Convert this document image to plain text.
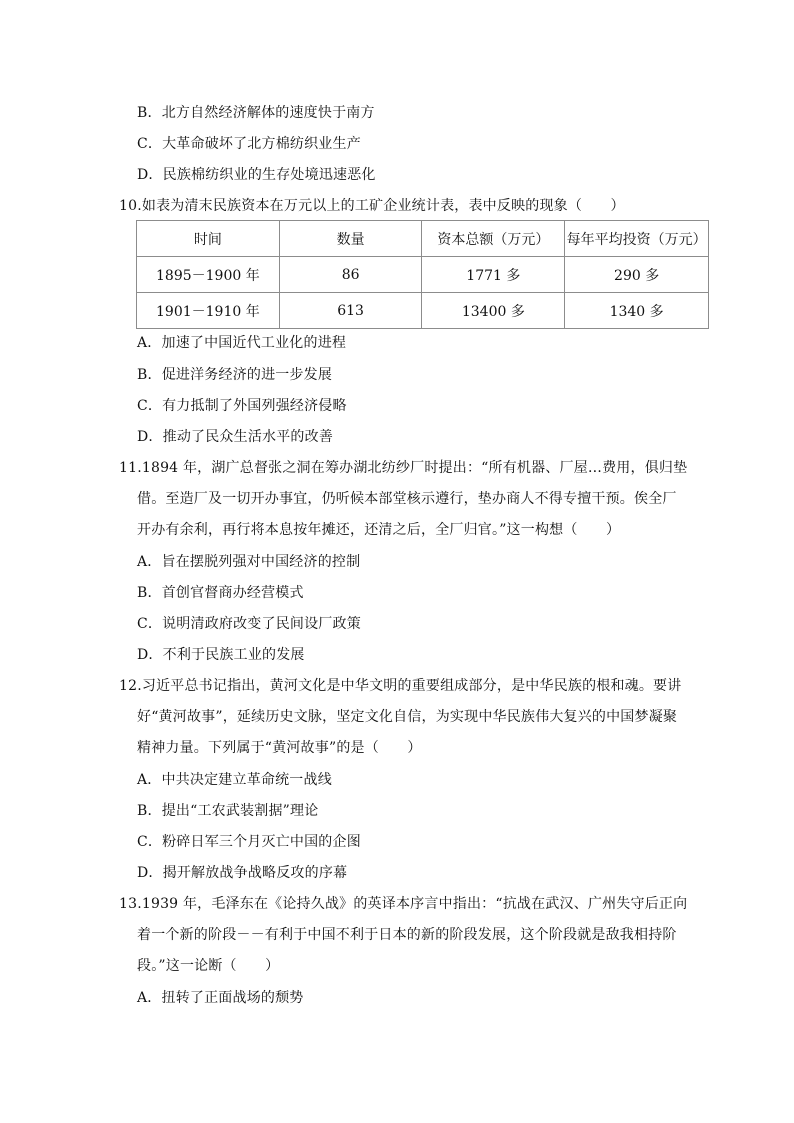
B．北方自然经济解体的速度快于南方
C．大革命破坏了北方棉纺织业生产
D．民族棉纺织业的生存处境迅速恶化
10.如表为清末民族资本在万元以上的工矿企业统计表，表中反映的现象（　　）
时间	数量	资本总额（万元）	每年平均投资（万元）
1895－1900 年	86	1771 多	290 多
1901－1910 年	613	13400 多	1340 多
A．加速了中国近代工业化的进程
B．促进洋务经济的进一步发展
C．有力抵制了外国列强经济侵略
D．推动了民众生活水平的改善
11.1894 年，湖广总督张之洞在筹办湖北纺纱厂时提出：“所有机器、厂屋…费用，俱归垫
借。至造厂及一切开办事宜，仍听候本部堂核示遵行，垫办商人不得专擅干预。俟全厂
开办有余利，再行将本息按年摊还，还清之后，全厂归官。”这一构想（　　）
A．旨在摆脱列强对中国经济的控制
B．首创官督商办经营模式
C．说明清政府改变了民间设厂政策
D．不利于民族工业的发展
12.习近平总书记指出，黄河文化是中华文明的重要组成部分，是中华民族的根和魂。要讲
好“黄河故事”，延续历史文脉，坚定文化自信，为实现中华民族伟大复兴的中国梦凝聚
精神力量。下列属于“黄河故事”的是（　　）
A．中共决定建立革命统一战线
B．提出“工农武装割据”理论
C．粉碎日军三个月灭亡中国的企图
D．揭开解放战争战略反攻的序幕
13.1939 年，毛泽东在《论持久战》的英译本序言中指出：“抗战在武汉、广州失守后正向
着一个新的阶段－－有利于中国不利于日本的新的阶段发展，这个阶段就是敌我相持阶
段。”这一论断（　　）
A．扭转了正面战场的颓势
